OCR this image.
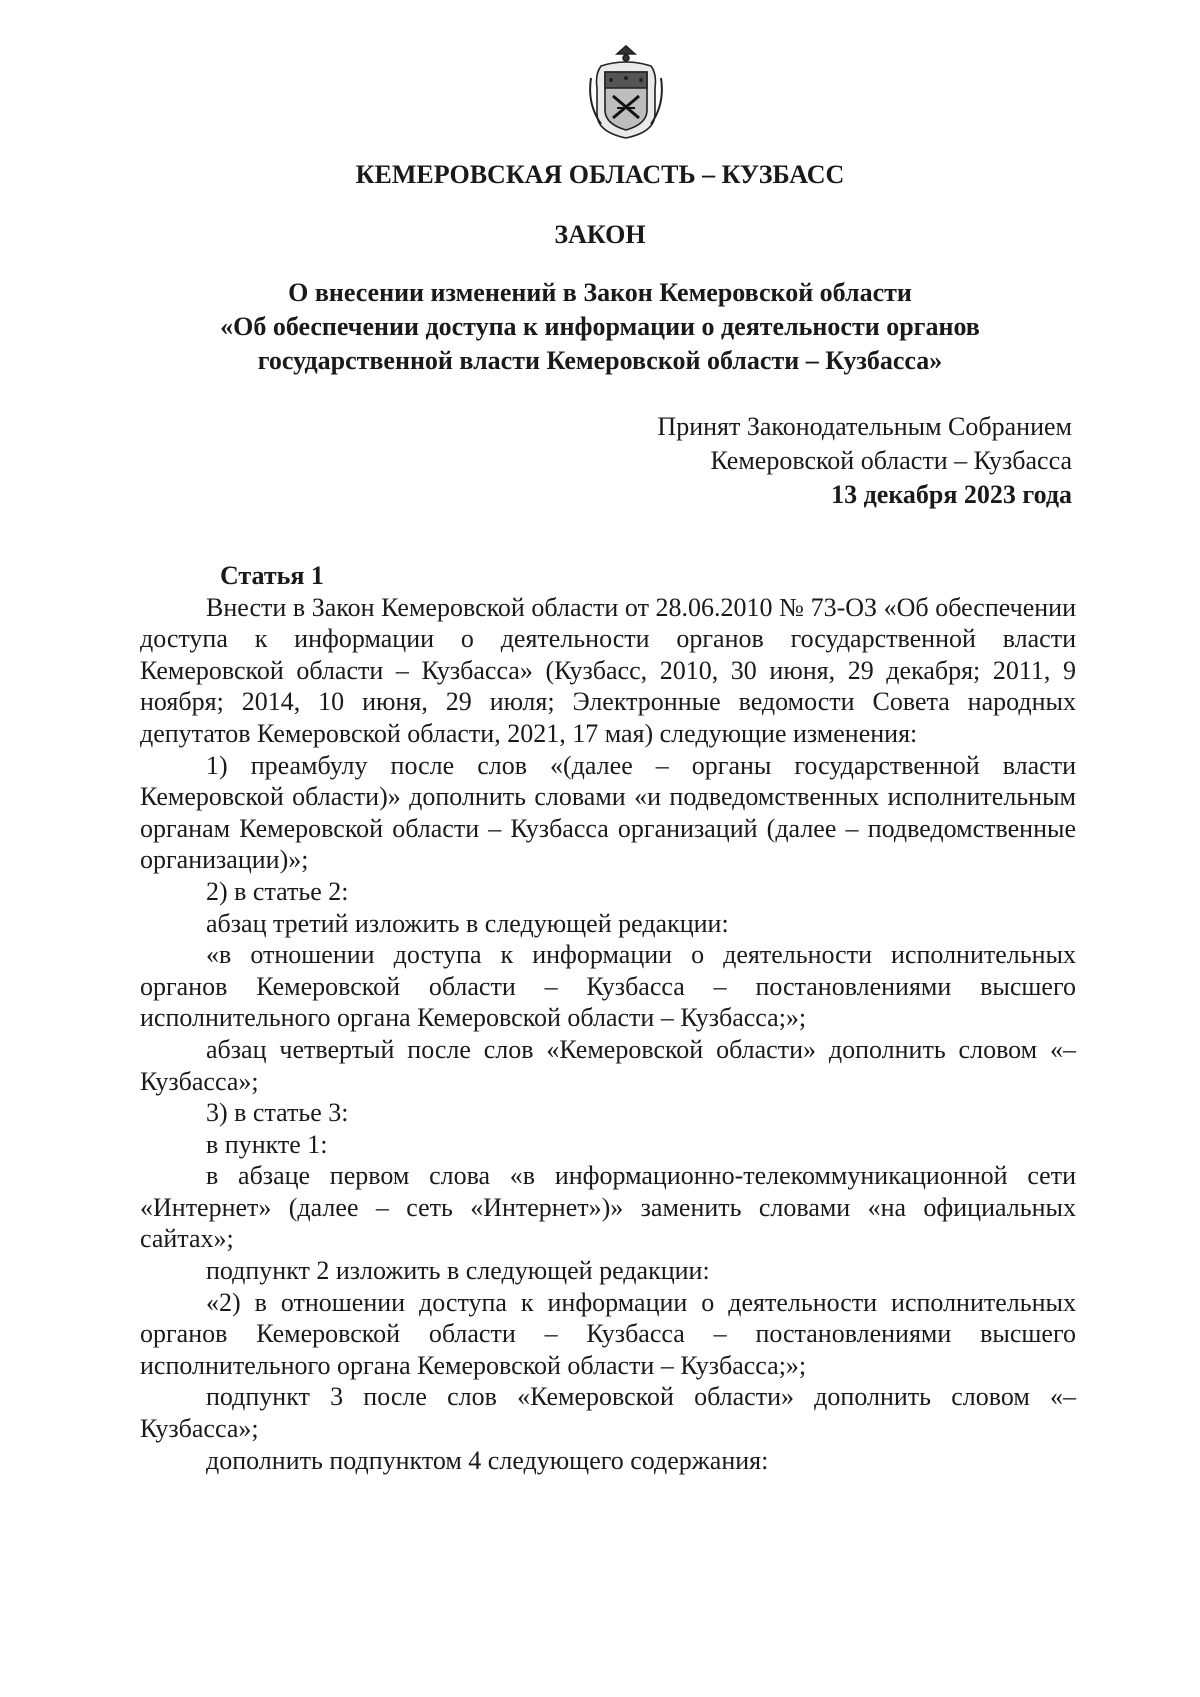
КЕМЕРОВСКАЯ ОБЛАСТЬ – КУЗБАСС
ЗАКОН
О внесении изменений в Закон Кемеровской области
«Об обеспечении доступа к информации о деятельности органов
государственной власти Кемеровской области – Кузбасса»
Принят Законодательным Собранием
Кемеровской области – Кузбасса
13 декабря 2023 года

Статья 1

Внести в Закон Кемеровской области от 28.06.2010 № 73-ОЗ «Об обеспечении доступа к информации о деятельности органов государственной власти Кемеровской области – Кузбасса» (Кузбасс, 2010, 30 июня, 29 декабря; 2011, 9 ноября; 2014, 10 июня, 29 июля; Электронные ведомости Совета народных депутатов Кемеровской области, 2021, 17 мая) следующие изменения:

1) преамбулу после слов «(далее – органы государственной власти Кемеровской области)» дополнить словами «и подведомственных исполнительным органам Кемеровской области – Кузбасса организаций (далее – подведомственные организации)»;

2) в статье 2:

абзац третий изложить в следующей редакции:

«в отношении доступа к информации о деятельности исполнительных органов Кемеровской области – Кузбасса – постановлениями высшего исполнительного органа Кемеровской области – Кузбасса;»;

абзац четвертый после слов «Кемеровской области» дополнить словом «– Кузбасса»;

3) в статье 3:

в пункте 1:

в абзаце первом слова «в информационно-телекоммуникационной сети «Интернет» (далее – сеть «Интернет»)» заменить словами «на официальных сайтах»;

подпункт 2 изложить в следующей редакции:

«2) в отношении доступа к информации о деятельности исполнительных органов Кемеровской области – Кузбасса – постановлениями высшего исполнительного органа Кемеровской области – Кузбасса;»;

подпункт 3 после слов «Кемеровской области» дополнить словом «– Кузбасса»;

дополнить подпунктом 4 следующего содержания:
